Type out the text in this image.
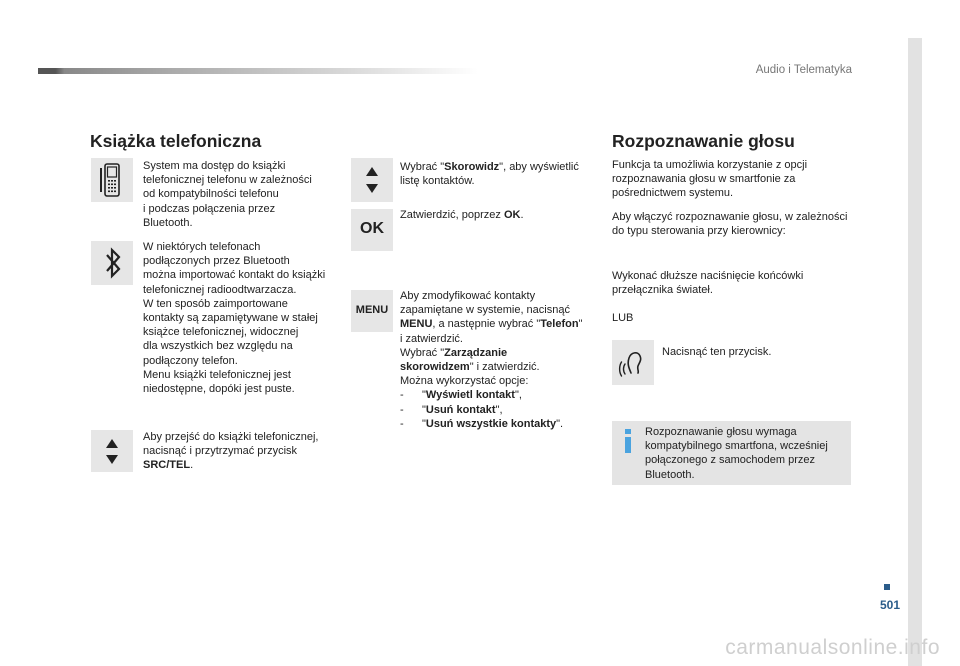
Audio i Telematyka
Książka telefoniczna
System ma dostęp do książki
telefonicznej telefonu w zależności
od kompatybilności telefonu
i podczas połączenia przez
Bluetooth.
W niektórych telefonach
podłączonych przez Bluetooth
można importować kontakt do książki
telefonicznej radioodtwarzacza.
W ten sposób zaimportowane
kontakty są zapamiętywane w stałej
książce telefonicznej, widocznej
dla wszystkich bez względu na
podłączony telefon.
Menu książki telefonicznej jest
niedostępne, dopóki jest puste.
Aby przejść do książki telefonicznej,
nacisnąć i przytrzymać przycisk
SRC/TEL.
Wybrać "Skorowidz", aby wyświetlić
listę kontaktów.
OK
Zatwierdzić, poprzez OK.
MENU
Aby zmodyfikować kontakty
zapamiętane w systemie, nacisnąć
MENU, a następnie wybrać "Telefon"
i zatwierdzić.
Wybrać "Zarządzanie
skorowidzem" i zatwierdzić.
Można wykorzystać opcje:
- "Wyświetl kontakt",
- "Usuń kontakt",
- "Usuń wszystkie kontakty".
Rozpoznawanie głosu
Funkcja ta umożliwia korzystanie z opcji
rozpoznawania głosu w smartfonie za
pośrednictwem systemu.
Aby włączyć rozpoznawanie głosu, w zależności
do typu sterowania przy kierownicy:
Wykonać dłuższe naciśnięcie końcówki
przełącznika świateł.
LUB
Nacisnąć ten przycisk.
Rozpoznawanie głosu wymaga
kompatybilnego smartfona, wcześniej
połączonego z samochodem przez
Bluetooth.
501
carmanualsonline.info
